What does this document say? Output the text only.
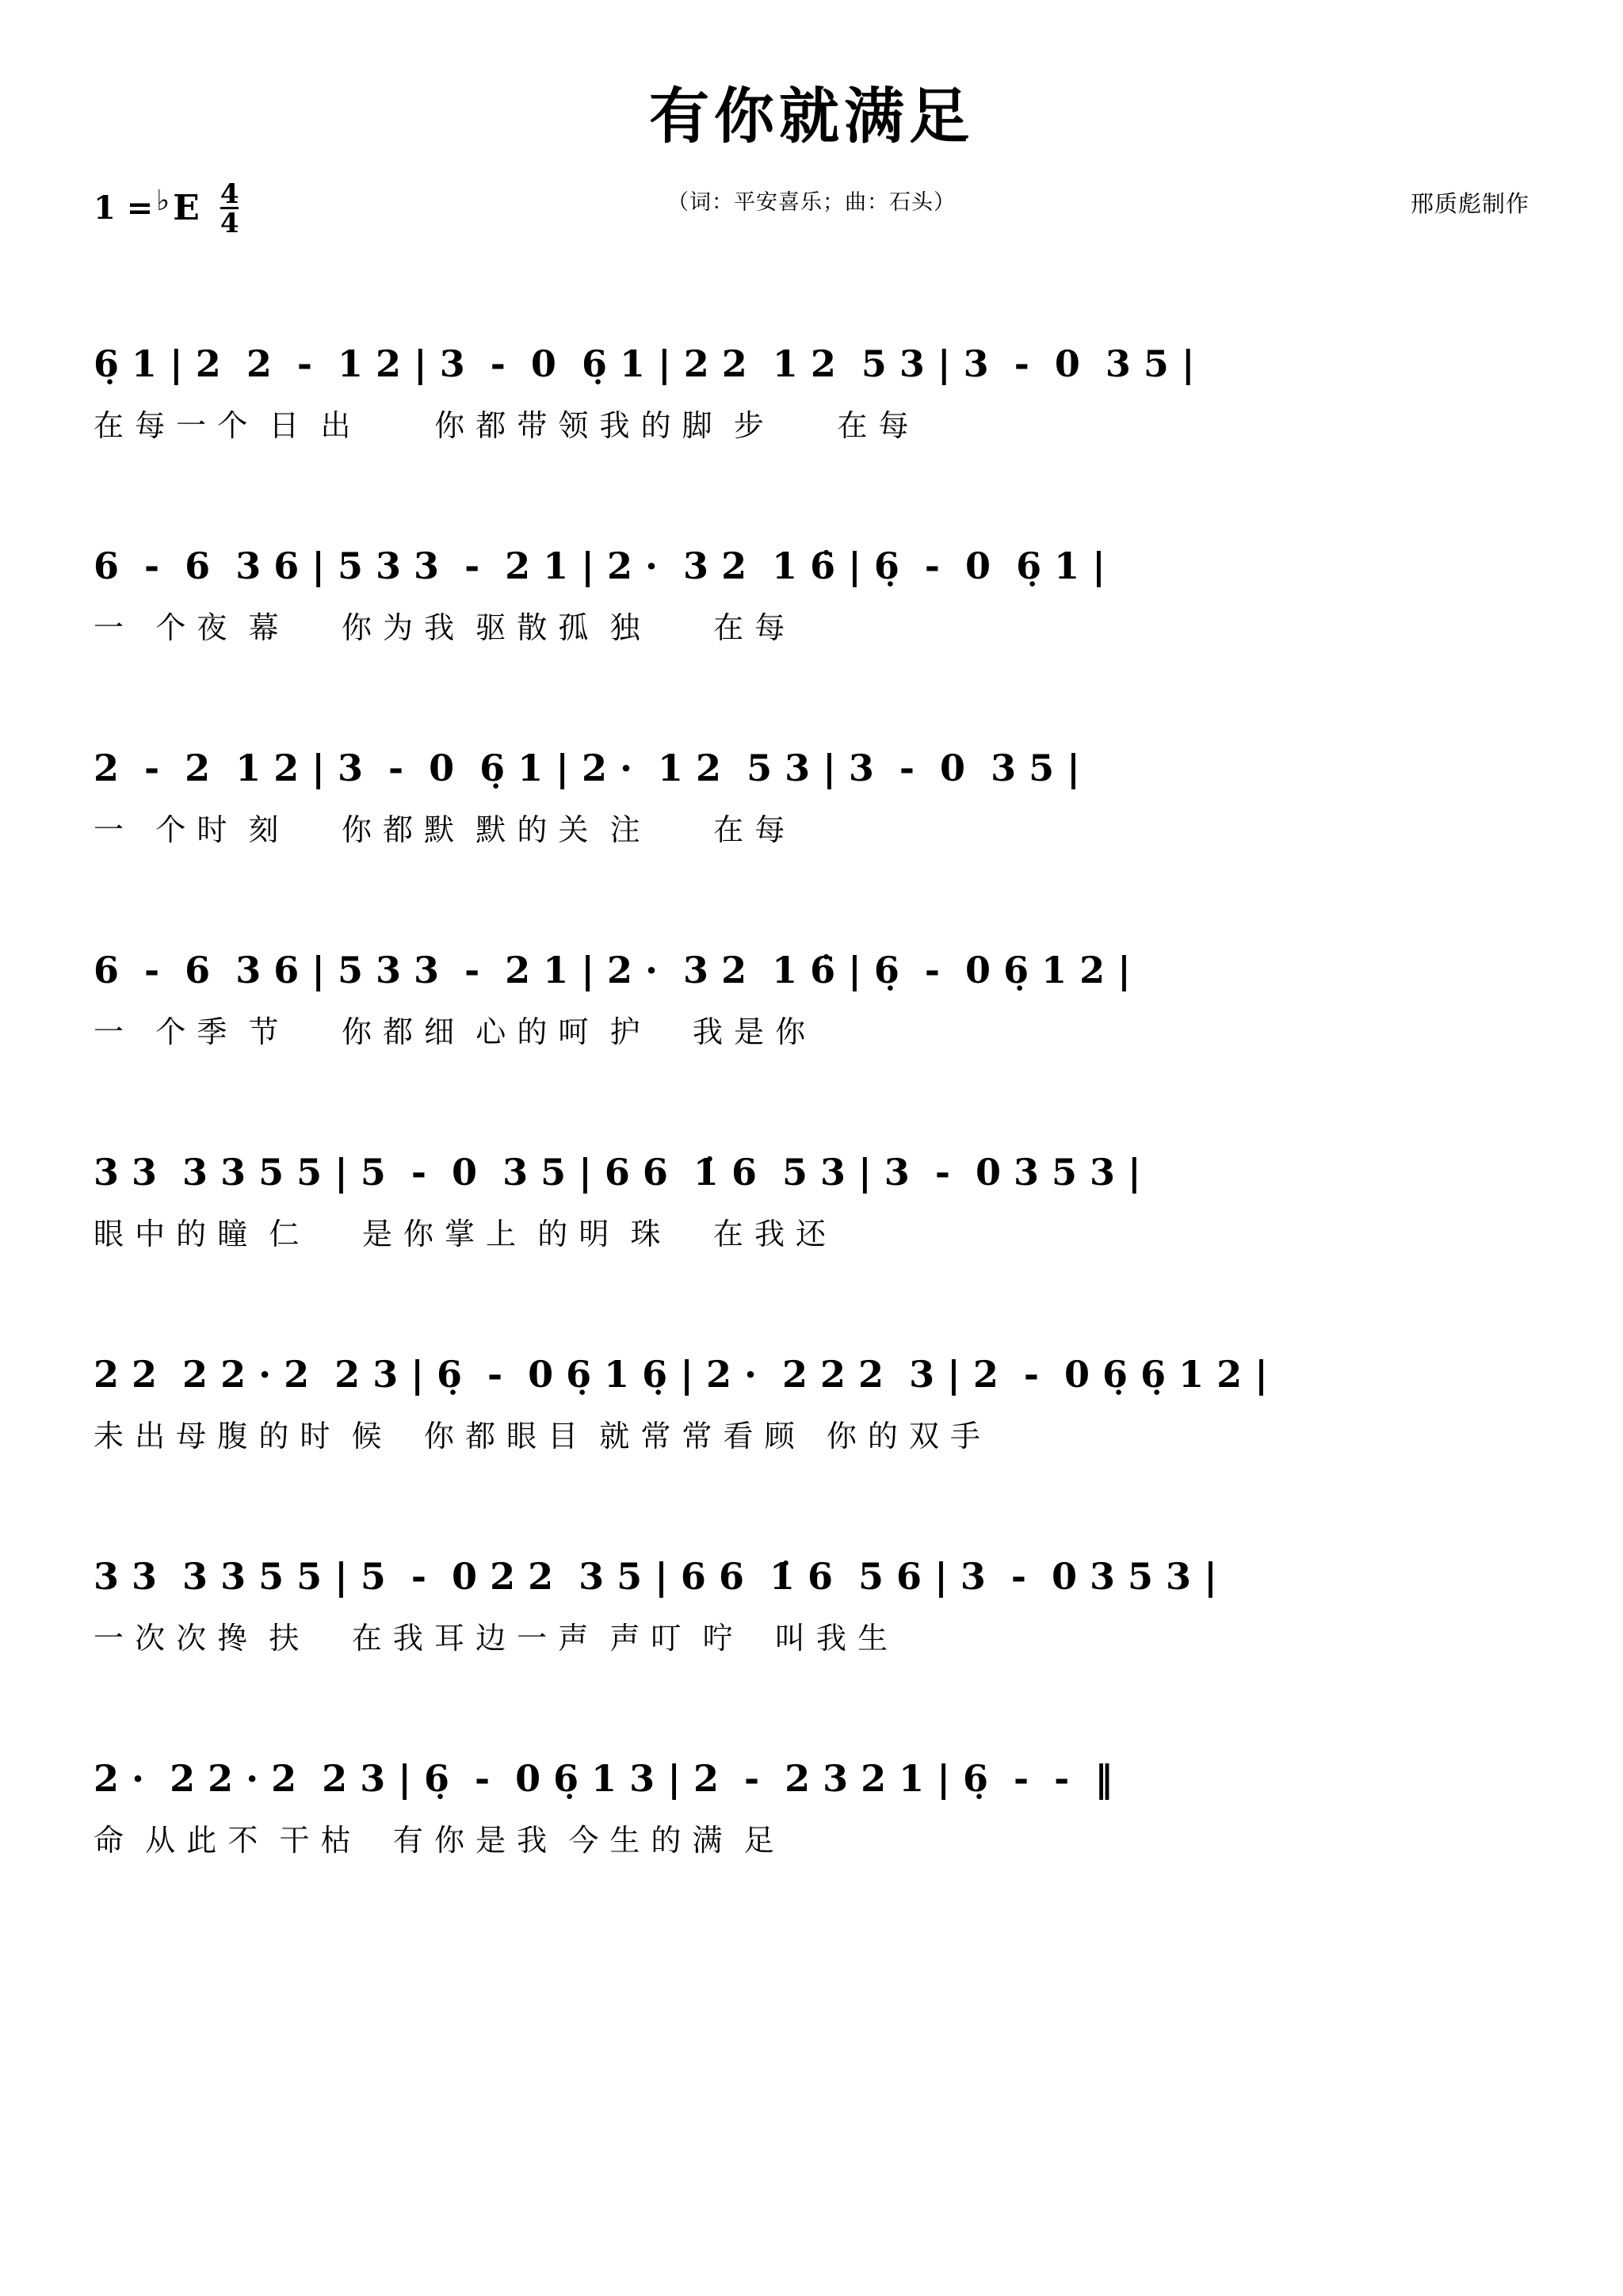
有你就满足
1 = ♭ E 4
4
邢质彪制作
（词：平安喜乐；曲：石头）
6̣ 1 | 2  2  -  1 2 | 3  -  0  6̣ 1 | 2 2  1 2  5 3 | 3  -  0  3 5 |
在 每 一 个  日  出        你 都 带 领 我 的 脚  步       在 每
6  -  6  3 6 | 5 3 3  -  2 1 | 2 ·  3 2  1 6̇ | 6̣  -  0  6̣ 1 |
一   个 夜  幕      你 为 我  驱 散 孤  独       在 每
2  -  2  1 2 | 3  -  0  6̣ 1 | 2 ·  1 2  5 3 | 3  -  0  3 5 |
一   个 时  刻      你 都 默  默 的 关  注       在 每
6  -  6  3 6 | 5 3 3  -  2 1 | 2 ·  3 2  1 6̇ | 6̣  -  0 6̣ 1 2 |
一   个 季  节      你 都 细  心 的 呵  护     我 是 你
3 3  3 3 5 5 | 5  -  0  3 5 | 6 6  1̇ 6  5 3 | 3  -  0 3 5 3 |
眼 中 的 瞳  仁      是 你 掌 上  的 明  珠     在 我 还
2 2  2 2 · 2  2 3 | 6̣  -  0 6̣ 1 6̣ | 2 ·  2 2 2  3 | 2  -  0 6̣ 6̣ 1 2 |
未 出 母 腹 的 时  候    你 都 眼 目  就 常 常 看 顾   你 的 双 手
3 3  3 3 5 5 | 5  -  0 2 2  3 5 | 6 6  1̇ 6  5 6 | 3  -  0 3 5 3 |
一 次 次 搀  扶     在 我 耳 边 一 声  声 叮  咛    叫 我 生
2 ·  2 2 · 2  2 3 | 6̣  -  0 6̣ 1 3 | 2  -  2 3 2 1 | 6̣  -  -  ‖
命  从 此 不  干 枯    有 你 是 我  今 生 的 满  足
